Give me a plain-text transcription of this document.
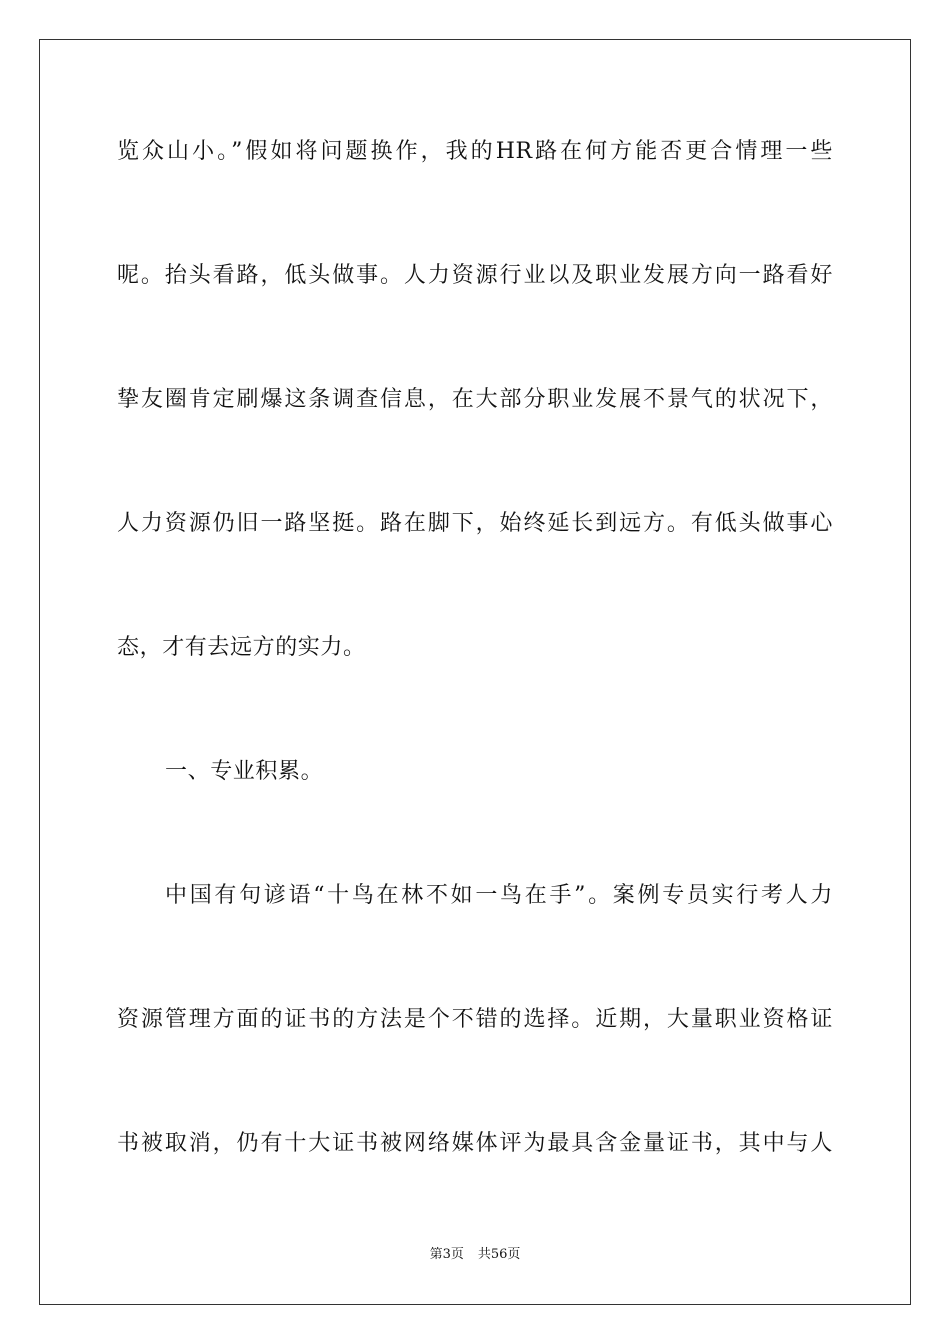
览众山小。”假如将问题换作，我的HR路在何方能否更合情理一些
呢。抬头看路，低头做事。人力资源行业以及职业发展方向一路看好
挚友圈肯定刷爆这条调查信息，在大部分职业发展不景气的状况下，
人力资源仍旧一路坚挺。路在脚下，始终延长到远方。有低头做事心
态，才有去远方的实力。
一、专业积累。
中国有句谚语“十鸟在林不如一鸟在手”。案例专员实行考人力
资源管理方面的证书的方法是个不错的选择。近期，大量职业资格证
书被取消，仍有十大证书被网络媒体评为最具含金量证书，其中与人
第3页 共56页
